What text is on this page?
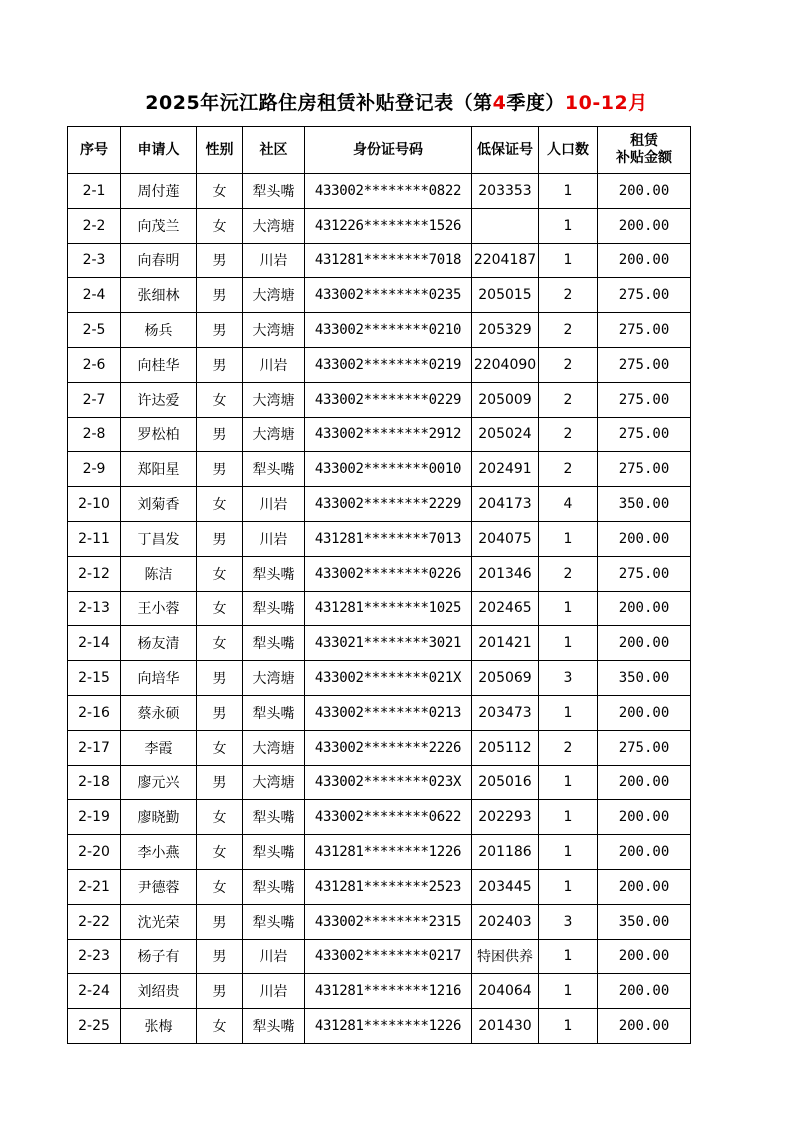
2025年沅江路住房租赁补贴登记表（第4季度）10-12月
序号	申请人	性别	社区	身份证号码	低保证号	人口数	租赁
补贴金额
2-1	周付莲	女	犁头嘴	433002********0822	203353	1	200.00
2-2	向茂兰	女	大湾塘	431226********1526		1	200.00
2-3	向春明	男	川岩	431281********7018	2204187	1	200.00
2-4	张细林	男	大湾塘	433002********0235	205015	2	275.00
2-5	杨兵	男	大湾塘	433002********0210	205329	2	275.00
2-6	向桂华	男	川岩	433002********0219	2204090	2	275.00
2-7	许达爱	女	大湾塘	433002********0229	205009	2	275.00
2-8	罗松柏	男	大湾塘	433002********2912	205024	2	275.00
2-9	郑阳星	男	犁头嘴	433002********0010	202491	2	275.00
2-10	刘菊香	女	川岩	433002********2229	204173	4	350.00
2-11	丁昌发	男	川岩	431281********7013	204075	1	200.00
2-12	陈洁	女	犁头嘴	433002********0226	201346	2	275.00
2-13	王小蓉	女	犁头嘴	431281********1025	202465	1	200.00
2-14	杨友清	女	犁头嘴	433021********3021	201421	1	200.00
2-15	向培华	男	大湾塘	433002********021X	205069	3	350.00
2-16	蔡永硕	男	犁头嘴	433002********0213	203473	1	200.00
2-17	李霞	女	大湾塘	433002********2226	205112	2	275.00
2-18	廖元兴	男	大湾塘	433002********023X	205016	1	200.00
2-19	廖晓勤	女	犁头嘴	433002********0622	202293	1	200.00
2-20	李小燕	女	犁头嘴	431281********1226	201186	1	200.00
2-21	尹德蓉	女	犁头嘴	431281********2523	203445	1	200.00
2-22	沈光荣	男	犁头嘴	433002********2315	202403	3	350.00
2-23	杨子有	男	川岩	433002********0217	特困供养	1	200.00
2-24	刘绍贵	男	川岩	431281********1216	204064	1	200.00
2-25	张梅	女	犁头嘴	431281********1226	201430	1	200.00
